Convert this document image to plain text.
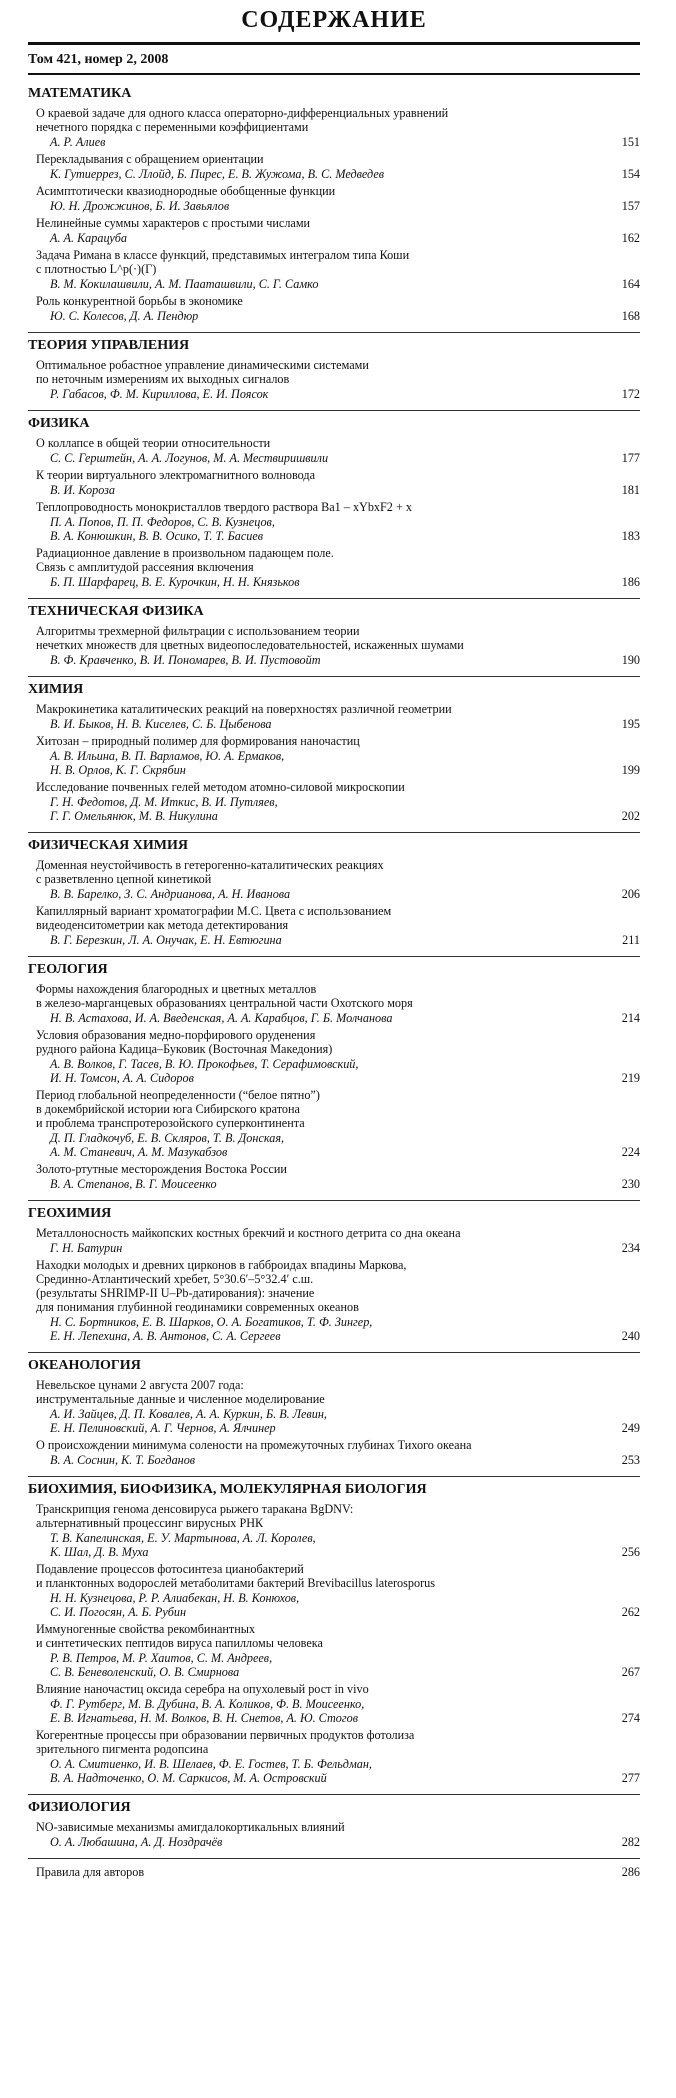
СОДЕРЖАНИЕ
Том 421, номер 2, 2008
МАТЕМАТИКА
О краевой задаче для одного класса операторно-дифференциальных уравнений
нечетного порядка с переменными коэффициентами
А. Р. Алиев	151
Перекладывания с обращением ориентации
К. Гутиеррез, С. Ллойд, Б. Пирес, Е. В. Жужома, В. С. Медведев	154
Асимптотически квазиоднородные обобщенные функции
Ю. Н. Дрожжинов, Б. И. Завьялов	157
Нелинейные суммы характеров с простыми числами
А. А. Карацуба	162
Задача Римана в классе функций, представимых интегралом типа Коши
с плотностью L^p(·)(Г)
В. М. Кокилашвили, А. М. Паатaшвили, С. Г. Самко	164
Роль конкурентной борьбы в экономике
Ю. С. Колесов, Д. А. Пендюр	168
ТЕОРИЯ УПРАВЛЕНИЯ
Оптимальное робастное управление динамическими системами
по неточным измерениям их выходных сигналов
Р. Габасов, Ф. М. Кириллова, Е. И. Поясок	172
ФИЗИКА
О коллапсе в общей теории относительности
С. С. Герштейн, А. А. Логунов, М. А. Мествиришвили	177
К теории виртуального электромагнитного волновода
В. И. Короза	181
Теплопроводность монокристаллов твердого раствора Ba1 – xYbxF2 + x
П. А. Попов, П. П. Федоров, С. В. Кузнецов,
В. А. Конюшкин, В. В. Осико, Т. Т. Басиев	183
Радиационное давление в произвольном падающем поле.
Связь с амплитудой рассеяния включения
Б. П. Шарфарец, В. Е. Курочкин, Н. Н. Князьков	186
ТЕХНИЧЕСКАЯ ФИЗИКА
Алгоритмы трехмерной фильтрации с использованием теории
нечетких множеств для цветных видеопоследовательностей, искаженных шумами
В. Ф. Кравченко, В. И. Пономарев, В. И. Пустовойт	190
ХИМИЯ
Макрокинетика каталитических реакций на поверхностях различной геометрии
В. И. Быков, Н. В. Киселев, С. Б. Цыбенова	195
Хитозан – природный полимер для формирования наночастиц
А. В. Ильина, В. П. Варламов, Ю. А. Ермаков,
Н. В. Орлов, К. Г. Скрябин	199
Исследование почвенных гелей методом атомно-силовой микроскопии
Г. Н. Федотов, Д. М. Иткис, В. И. Путляев,
Г. Г. Омельянюк, М. В. Никулина	202
ФИЗИЧЕСКАЯ ХИМИЯ
Доменная неустойчивость в гетерогенно-каталитических реакциях
с разветвленно цепной кинетикой
В. В. Барелко, З. С. Андрианова, А. Н. Иванова	206
Капиллярный вариант хроматографии М.С. Цвета с использованием
видеоденситометрии как метода детектирования
В. Г. Березкин, Л. А. Онучак, Е. Н. Евтюгина	211
ГЕОЛОГИЯ
Формы нахождения благородных и цветных металлов
в железо-марганцевых образованиях центральной части Охотского моря
Н. В. Астахова, И. А. Введенская, А. А. Карабцов, Г. Б. Молчанова	214
Условия образования медно-порфирового оруденения
рудного района Кадица–Буковик (Восточная Македония)
А. В. Волков, Г. Тасев, В. Ю. Прокофьев, Т. Серафимовский,
И. Н. Томсон, А. А. Сидоров	219
Период глобальной неопределенности (“белое пятно”)
в докембрийской истории юга Сибирского кратона
и проблема транспротерозойского суперконтинента
Д. П. Гладкочуб, Е. В. Скляров, Т. В. Донская,
А. М. Станевич, А. М. Мазукабзов	224
Золото-ртутные месторождения Востока России
В. А. Степанов, В. Г. Моисеенко	230
ГЕОХИМИЯ
Металлоносность майкопских костных брекчий и костного детрита со дна океана
Г. Н. Батурин	234
Находки молодых и древних цирконов в габброидах впадины Маркова,
Срединно-Атлантический хребет, 5°30.6′–5°32.4′ с.ш.
(результаты SHRIMP-II U–Pb-датирования): значение
для понимания глубинной геодинамики современных океанов
Н. С. Бортников, Е. В. Шарков, О. А. Богатиков, Т. Ф. Зингер,
Е. Н. Лепехина, А. В. Антонов, С. А. Сергеев	240
ОКЕАНОЛОГИЯ
Невельское цунами 2 августа 2007 года:
инструментальные данные и численное моделирование
А. И. Зайцев, Д. П. Ковалев, А. А. Куркин, Б. В. Левин,
Е. Н. Пелиновский, А. Г. Чернов, А. Ялчинер	249
О происхождении минимума солености на промежуточных глубинах Тихого океана
В. А. Соснин, К. Т. Богданов	253
БИОХИМИЯ, БИОФИЗИКА, МОЛЕКУЛЯРНАЯ БИОЛОГИЯ
Транскрипция генома денсовируса рыжего таракана BgDNV:
альтернативный процессинг вирусных РНК
Т. В. Капелинская, Е. У. Мартынова, А. Л. Королев,
К. Шал, Д. В. Муха	256
Подавление процессов фотосинтеза цианобактерий
и планктонных водорослей метаболитами бактерий Brevibacillus laterosporus
Н. Н. Кузнецова, Р. Р. Алиабекан, Н. В. Конюхов,
С. И. Погосян, А. Б. Рубин	262
Иммуногенные свойства рекомбинантных
и синтетических пептидов вируса папилломы человека
Р. В. Петров, М. Р. Хаитов, С. М. Андреев,
С. В. Беневоленский, О. В. Смирнова	267
Влияние наночастиц оксида серебра на опухолевый рост in vivo
Ф. Г. Рутберг, М. В. Дубина, В. А. Коликов, Ф. В. Моисеенко,
Е. В. Игнатьева, Н. М. Волков, В. Н. Снетов, А. Ю. Стогов	274
Когерентные процессы при образовании первичных продуктов фотолиза
зрительного пигмента родопсина
О. А. Смитиенко, И. В. Шелаев, Ф. Е. Гостев, Т. Б. Фельдман,
В. А. Надточенко, О. М. Саркисов, М. А. Островский	277
ФИЗИОЛОГИЯ
NO-зависимые механизмы амигдалокортикальных влияний
О. А. Любашина, А. Д. Ноздрачёв	282
Правила для авторов	286
